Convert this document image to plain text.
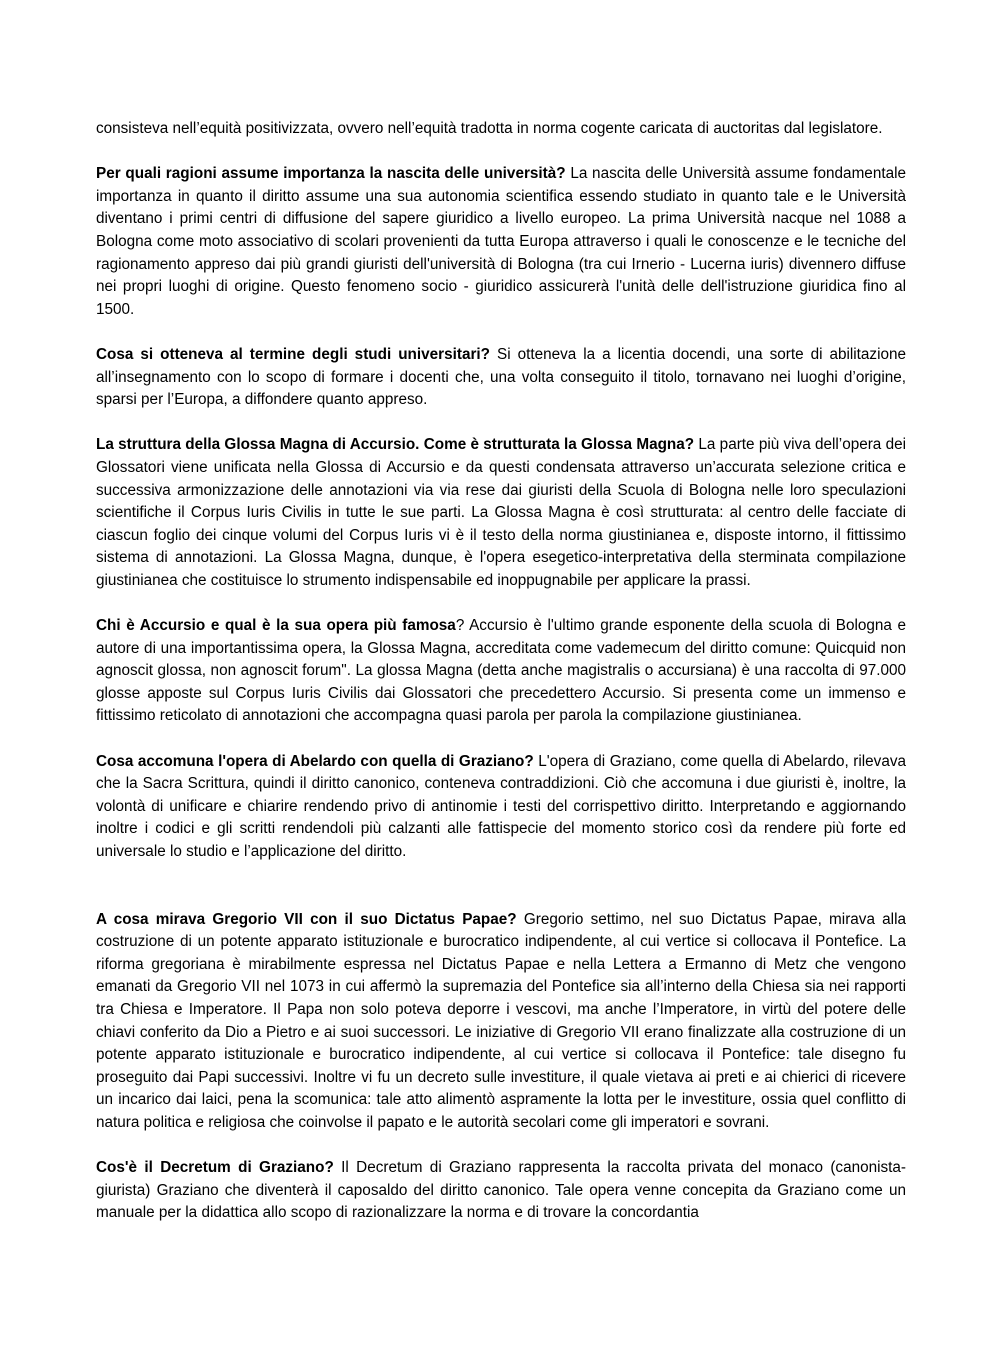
consisteva nell’equità positivizzata, ovvero nell’equità tradotta in norma cogente caricata di auctoritas dal legislatore.

Per quali ragioni assume importanza la nascita delle università? La nascita delle Università assume fondamentale importanza in quanto il diritto assume una sua autonomia scientifica essendo studiato in quanto tale e le Università diventano i primi centri di diffusione del sapere giuridico a livello europeo. La prima Università nacque nel 1088 a Bologna come moto associativo di scolari provenienti da tutta Europa attraverso i quali le conoscenze e le tecniche del ragionamento appreso dai più grandi giuristi dell'università di Bologna (tra cui Irnerio - Lucerna iuris) divennero diffuse nei propri luoghi di origine. Questo fenomeno socio - giuridico assicurerà l'unità delle dell'istruzione giuridica fino al 1500.

Cosa si otteneva al termine degli studi universitari? Si otteneva la a licentia docendi, una sorte di abilitazione all’insegnamento con lo scopo di formare i docenti che, una volta conseguito il titolo, tornavano nei luoghi d’origine, sparsi per l’Europa, a diffondere quanto appreso.

La struttura della Glossa Magna di Accursio. Come è strutturata la Glossa Magna? La parte più viva dell’opera dei Glossatori viene unificata nella Glossa di Accursio e da questi condensata attraverso un’accurata selezione critica e successiva armonizzazione delle annotazioni via via rese dai giuristi della Scuola di Bologna nelle loro speculazioni scientifiche il Corpus Iuris Civilis in tutte le sue parti. La Glossa Magna è così strutturata: al centro delle facciate di ciascun foglio dei cinque volumi del Corpus Iuris vi è il testo della norma giustinianea e, disposte intorno, il fittissimo sistema di annotazioni. La Glossa Magna, dunque, è l'opera esegetico-interpretativa della sterminata compilazione giustinianea che costituisce lo strumento indispensabile ed inoppugnabile per applicare la prassi.

Chi è Accursio e qual è la sua opera più famosa? Accursio è l'ultimo grande esponente della scuola di Bologna e autore di una importantissima opera, la Glossa Magna, accreditata come vademecum del diritto comune: Quicquid non agnoscit glossa, non agnoscit forum". La glossa Magna (detta anche magistralis o accursiana) è una raccolta di 97.000 glosse apposte sul Corpus Iuris Civilis dai Glossatori che precedettero Accursio. Si presenta come un immenso e fittissimo reticolato di annotazioni che accompagna quasi parola per parola la compilazione giustinianea.

Cosa accomuna l'opera di Abelardo con quella di Graziano? L'opera di Graziano, come quella di Abelardo, rilevava che la Sacra Scrittura, quindi il diritto canonico, conteneva contraddizioni. Ciò che accomuna i due giuristi è, inoltre, la volontà di unificare e chiarire rendendo privo di antinomie i testi del corrispettivo diritto. Interpretando e aggiornando inoltre i codici e gli scritti rendendoli più calzanti alle fattispecie del momento storico così da rendere più forte ed universale lo studio e l’applicazione del diritto.

A cosa mirava Gregorio VII con il suo Dictatus Papae? Gregorio settimo, nel suo Dictatus Papae, mirava alla costruzione di un potente apparato istituzionale e burocratico indipendente, al cui vertice si collocava il Pontefice. La riforma gregoriana è mirabilmente espressa nel Dictatus Papae e nella Lettera a Ermanno di Metz che vengono emanati da Gregorio VII nel 1073 in cui affermò la supremazia del Pontefice sia all’interno della Chiesa sia nei rapporti tra Chiesa e Imperatore. Il Papa non solo poteva deporre i vescovi, ma anche l’Imperatore, in virtù del potere delle chiavi conferito da Dio a Pietro e ai suoi successori. Le iniziative di Gregorio VII erano finalizzate alla costruzione di un potente apparato istituzionale e burocratico indipendente, al cui vertice si collocava il Pontefice: tale disegno fu proseguito dai Papi successivi. Inoltre vi fu un decreto sulle investiture, il quale vietava ai preti e ai chierici di ricevere un incarico dai laici, pena la scomunica: tale atto alimentò aspramente la lotta per le investiture, ossia quel conflitto di natura politica e religiosa che coinvolse il papato e le autorità secolari come gli imperatori e sovrani.

Cos'è il Decretum di Graziano? Il Decretum di Graziano rappresenta la raccolta privata del monaco (canonista-giurista) Graziano che diventerà il caposaldo del diritto canonico. Tale opera venne concepita da Graziano come un manuale per la didattica allo scopo di razionalizzare la norma e di trovare la concordantia
